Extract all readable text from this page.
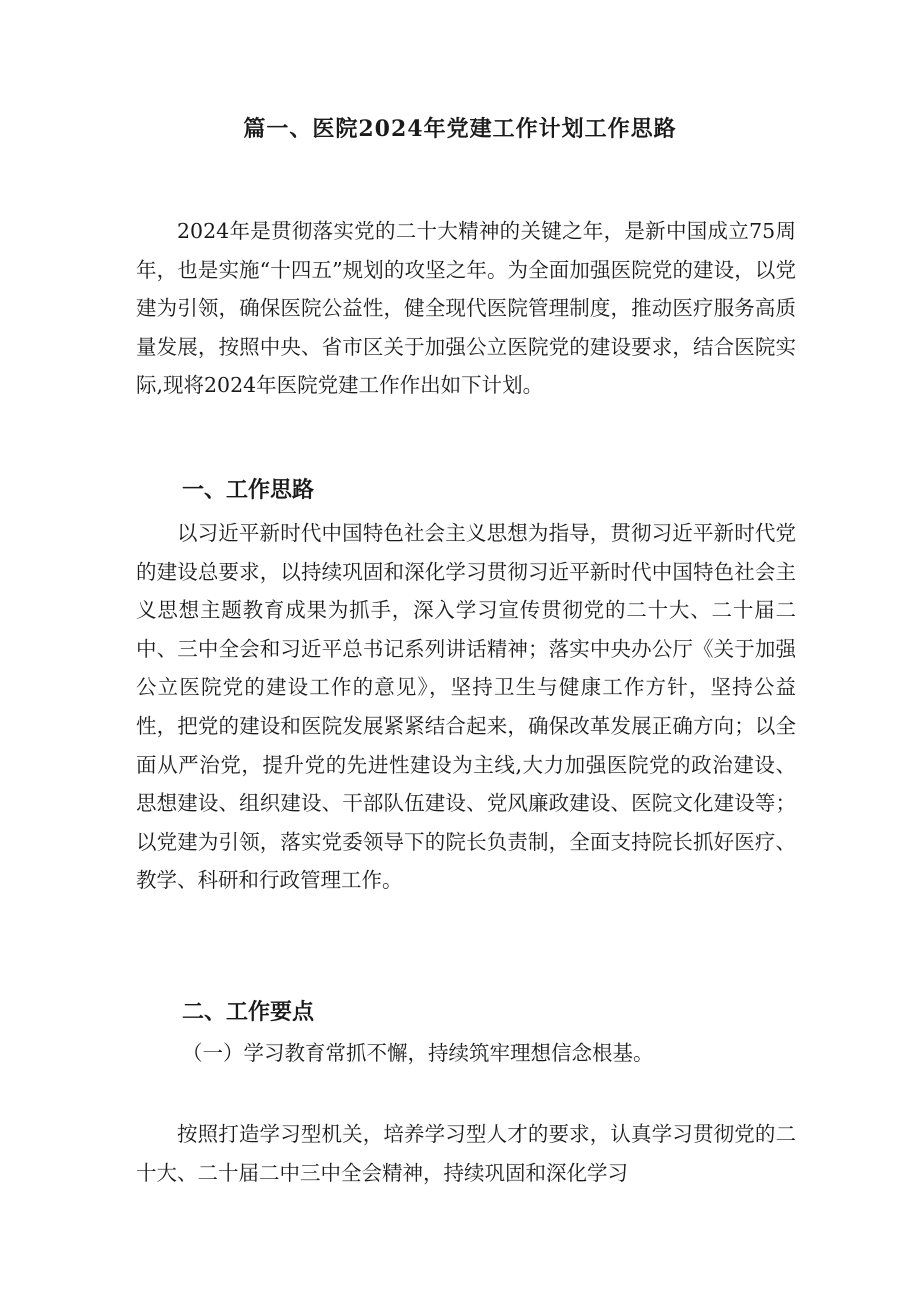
篇一、医院2024年党建工作计划工作思路

2024年是贯彻落实党的二十大精神的关键之年，是新中国成立75周年，也是实施“十四五”规划的攻坚之年。为全面加强医院党的建设，以党建为引领，确保医院公益性，健全现代医院管理制度，推动医疗服务高质量发展，按照中央、省市区关于加强公立医院党的建设要求，结合医院实际,现将2024年医院党建工作作出如下计划。

一、工作思路

以习近平新时代中国特色社会主义思想为指导，贯彻习近平新时代党的建设总要求，以持续巩固和深化学习贯彻习近平新时代中国特色社会主义思想主题教育成果为抓手，深入学习宣传贯彻党的二十大、二十届二中、三中全会和习近平总书记系列讲话精神；落实中央办公厅《关于加强公立医院党的建设工作的意见》，坚持卫生与健康工作方针，坚持公益性，把党的建设和医院发展紧紧结合起来，确保改革发展正确方向；以全面从严治党，提升党的先进性建设为主线,大力加强医院党的政治建设、思想建设、组织建设、干部队伍建设、党风廉政建设、医院文化建设等；以党建为引领，落实党委领导下的院长负责制，全面支持院长抓好医疗、教学、科研和行政管理工作。

二、工作要点
（一）学习教育常抓不懈，持续筑牢理想信念根基。

按照打造学习型机关，培养学习型人才的要求，认真学习贯彻党的二十大、二十届二中三中全会精神，持续巩固和深化学习
